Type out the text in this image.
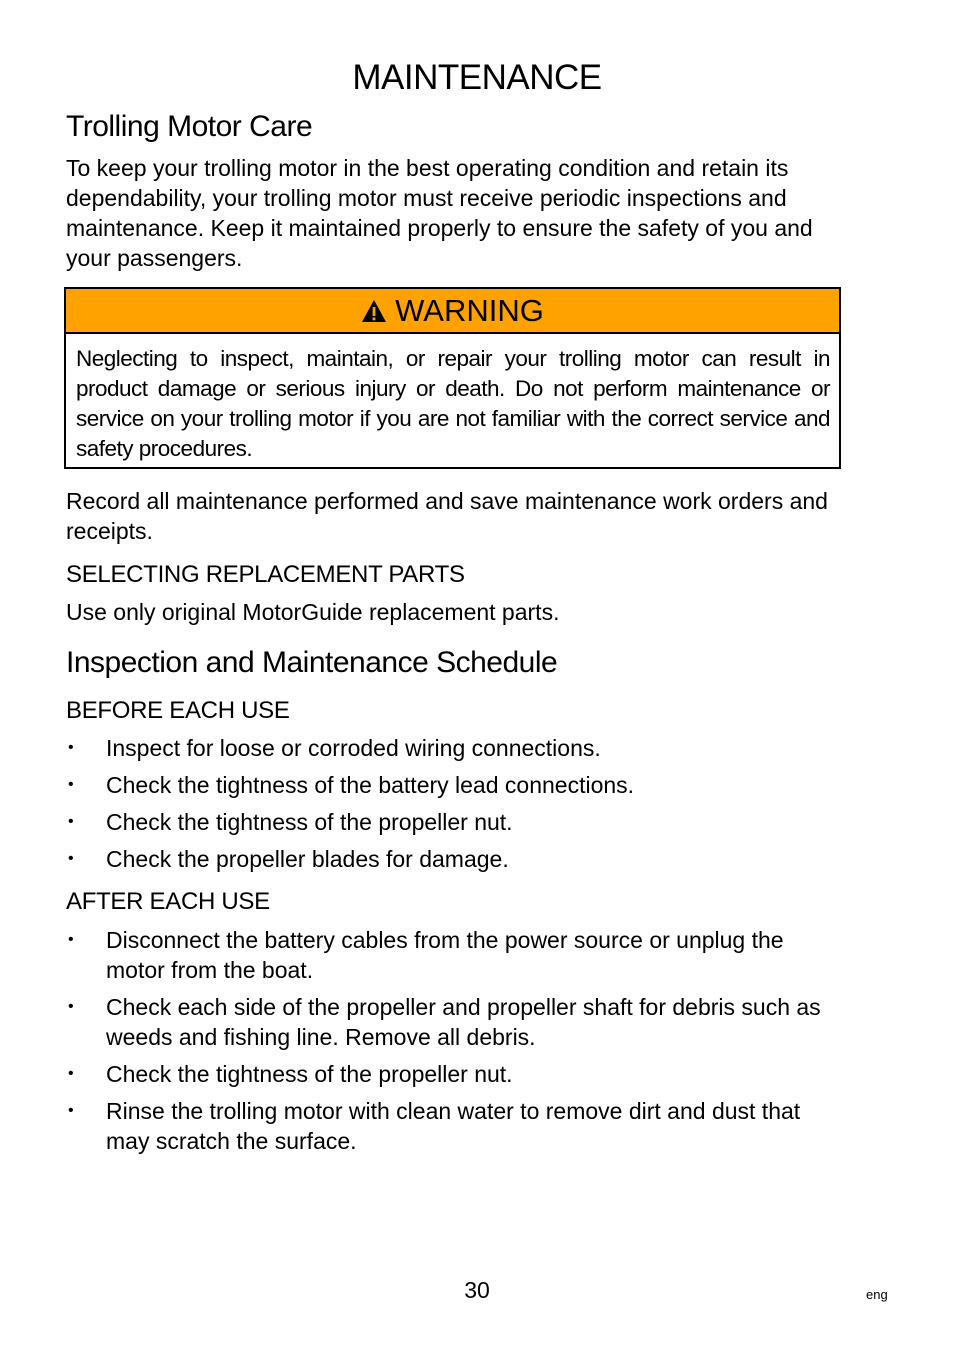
MAINTENANCE
Trolling Motor Care
To keep your trolling motor in the best operating condition and retain its dependability, your trolling motor must receive periodic inspections and maintenance. Keep it maintained properly to ensure the safety of you and your passengers.
WARNING
Neglecting to inspect, maintain, or repair your trolling motor can result in product damage or serious injury or death. Do not perform maintenance or service on your trolling motor if you are not familiar with the correct service and safety procedures.
Record all maintenance performed and save maintenance work orders and receipts.
SELECTING REPLACEMENT PARTS
Use only original MotorGuide replacement parts.
Inspection and Maintenance Schedule
BEFORE EACH USE
• Inspect for loose or corroded wiring connections.
• Check the tightness of the battery lead connections.
• Check the tightness of the propeller nut.
• Check the propeller blades for damage.
AFTER EACH USE
• Disconnect the battery cables from the power source or unplug the motor from the boat.
• Check each side of the propeller and propeller shaft for debris such as weeds and fishing line. Remove all debris.
• Check the tightness of the propeller nut.
• Rinse the trolling motor with clean water to remove dirt and dust that may scratch the surface.
30	eng
